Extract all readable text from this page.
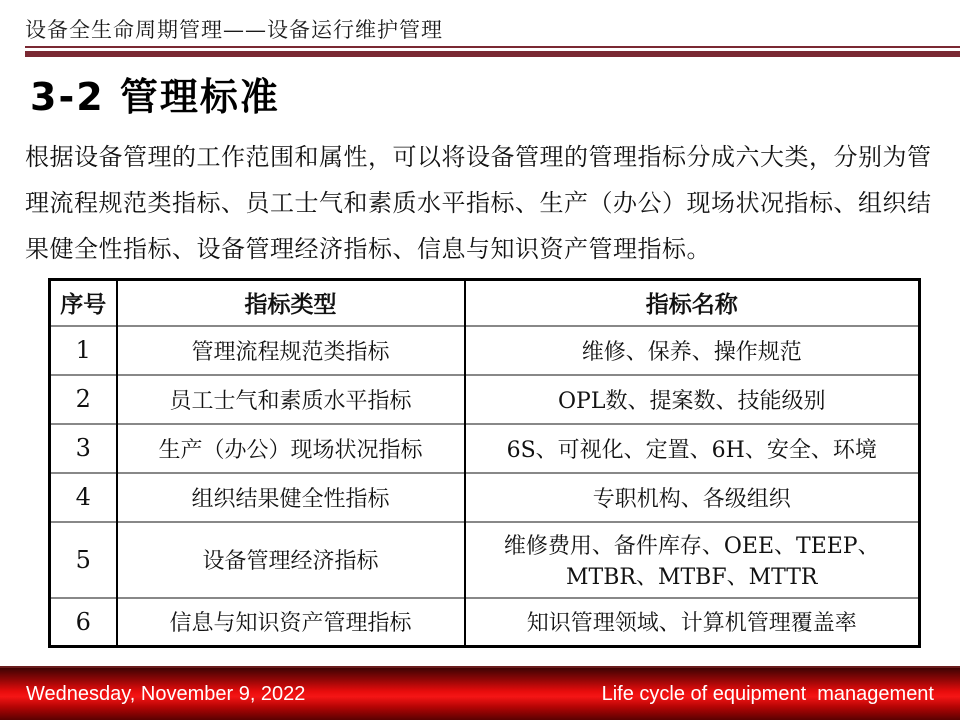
设备全生命周期管理——设备运行维护管理
3-2 管理标准
根据设备管理的工作范围和属性，可以将设备管理的管理指标分成六大类，分别为管
理流程规范类指标、员工士气和素质水平指标、生产（办公）现场状况指标、组织结
果健全性指标、设备管理经济指标、信息与知识资产管理指标。
序号	指标类型	指标名称
1	管理流程规范类指标	维修、保养、操作规范
2	员工士气和素质水平指标	OPL数、提案数、技能级别
3	生产（办公）现场状况指标	6S、可视化、定置、6H、安全、环境
4	组织结果健全性指标	专职机构、各级组织
5	设备管理经济指标	维修费用、备件库存、OEE、TEEP、MTBR、MTBF、MTTR
6	信息与知识资产管理指标	知识管理领域、计算机管理覆盖率
Wednesday, November 9, 2022	Life cycle of equipment  management
